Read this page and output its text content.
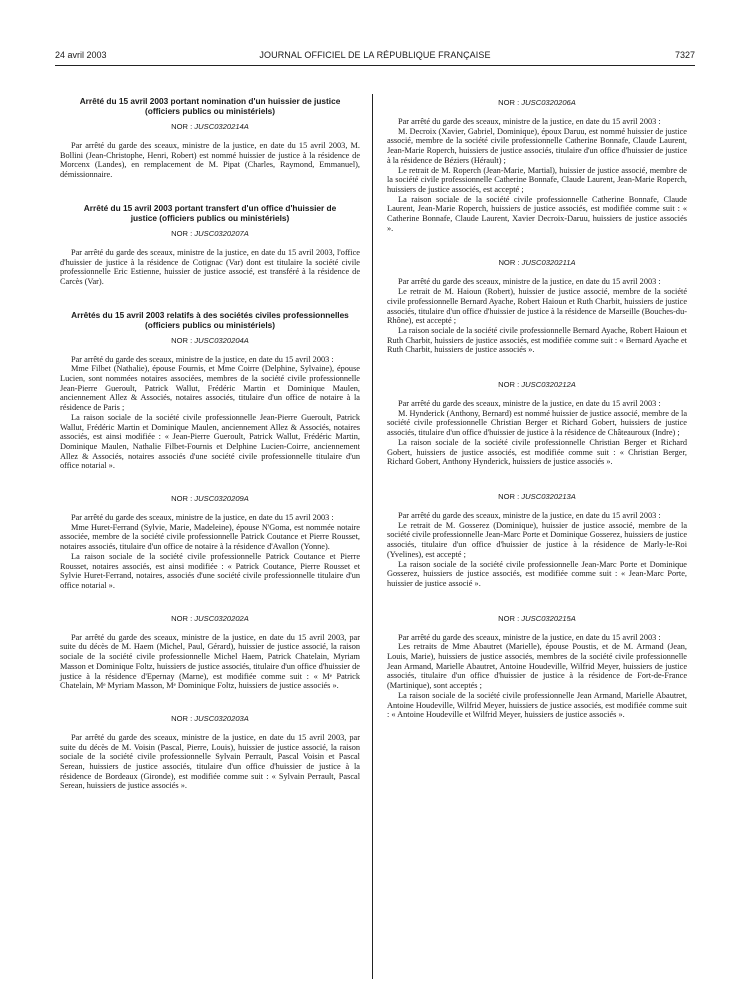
24 avril 2003	JOURNAL OFFICIEL DE LA RÉPUBLIQUE FRANÇAISE	7327
Arrêté du 15 avril 2003 portant nomination d'un huissier de justice (officiers publics ou ministériels)
NOR : JUSC0320214A

Par arrêté du garde des sceaux, ministre de la justice, en date du 15 avril 2003, M. Bollini (Jean-Christophe, Henri, Robert) est nommé huissier de justice à la résidence de Morcenx (Landes), en remplacement de M. Pipat (Charles, Raymond, Emmanuel), démissionnaire.

Arrêté du 15 avril 2003 portant transfert d'un office d'huissier de justice (officiers publics ou ministériels)
NOR : JUSC0320207A

Par arrêté du garde des sceaux, ministre de la justice, en date du 15 avril 2003, l'office d'huissier de justice à la résidence de Cotignac (Var) dont est titulaire la société civile professionnelle Eric Estienne, huissier de justice associé, est transféré à la résidence de Carcès (Var).

Arrêtés du 15 avril 2003 relatifs à des sociétés civiles professionnelles (officiers publics ou ministériels)
NOR : JUSC0320204A

Par arrêté du garde des sceaux, ministre de la justice, en date du 15 avril 2003 :

Mme Filbet (Nathalie), épouse Fournis, et Mme Coirre (Delphine, Sylvaine), épouse Lucien, sont nommées notaires associées, membres de la société civile professionnelle Jean-Pierre Gueroult, Patrick Wallut, Frédéric Martin et Dominique Maulen, anciennement Allez & Associés, notaires associés, titulaire d'un office de notaire à la résidence de Paris ;

La raison sociale de la société civile professionnelle Jean-Pierre Gueroult, Patrick Wallut, Frédéric Martin et Dominique Maulen, anciennement Allez & Associés, notaires associés, est ainsi modifiée : « Jean-Pierre Gueroult, Patrick Wallut, Frédéric Martin, Dominique Maulen, Nathalie Filbet-Fournis et Delphine Lucien-Coirre, anciennement Allez & Associés, notaires associés d'une société civile professionnelle titulaire d'un office notarial ».

NOR : JUSC0320209A

Par arrêté du garde des sceaux, ministre de la justice, en date du 15 avril 2003 :

Mme Huret-Ferrand (Sylvie, Marie, Madeleine), épouse N'Goma, est nommée notaire associée, membre de la société civile professionnelle Patrick Coutance et Pierre Rousset, notaires associés, titulaire d'un office de notaire à la résidence d'Avallon (Yonne).

La raison sociale de la société civile professionnelle Patrick Coutance et Pierre Rousset, notaires associés, est ainsi modifiée : « Patrick Coutance, Pierre Rousset et Sylvie Huret-Ferrand, notaires, associés d'une société civile professionnelle titulaire d'un office notarial ».

NOR : JUSC0320202A

Par arrêté du garde des sceaux, ministre de la justice, en date du 15 avril 2003, par suite du décès de M. Haem (Michel, Paul, Gérard), huissier de justice associé, la raison sociale de la société civile professionnelle Michel Haem, Patrick Chatelain, Myriam Masson et Dominique Foltz, huissiers de justice associés, titulaire d'un office d'huissier de justice à la résidence d'Epernay (Marne), est modifiée comme suit : « Mᵉ Patrick Chatelain, Mᵉ Myriam Masson, Mᵉ Dominique Foltz, huissiers de justice associés ».

NOR : JUSC0320203A

Par arrêté du garde des sceaux, ministre de la justice, en date du 15 avril 2003, par suite du décès de M. Voisin (Pascal, Pierre, Louis), huissier de justice associé, la raison sociale de la société civile professionnelle Sylvain Perrault, Pascal Voisin et Pascal Serean, huissiers de justice associés, titulaire d'un office d'huissier de justice à la résidence de Bordeaux (Gironde), est modifiée comme suit : « Sylvain Perrault, Pascal Serean, huissiers de justice associés ».

NOR : JUSC0320206A

Par arrêté du garde des sceaux, ministre de la justice, en date du 15 avril 2003 :

M. Decroix (Xavier, Gabriel, Dominique), époux Daruu, est nommé huissier de justice associé, membre de la société civile professionnelle Catherine Bonnafe, Claude Laurent, Jean-Marie Roperch, huissiers de justice associés, titulaire d'un office d'huissier de justice à la résidence de Béziers (Hérault) ;

Le retrait de M. Roperch (Jean-Marie, Martial), huissier de justice associé, membre de la société civile professionnelle Catherine Bonnafe, Claude Laurent, Jean-Marie Roperch, huissiers de justice associés, est accepté ;

La raison sociale de la société civile professionnelle Catherine Bonnafe, Claude Laurent, Jean-Marie Roperch, huissiers de justice associés, est modifiée comme suit : « Catherine Bonnafe, Claude Laurent, Xavier Decroix-Daruu, huissiers de justice associés ».

NOR : JUSC0320211A

Par arrêté du garde des sceaux, ministre de la justice, en date du 15 avril 2003 :

Le retrait de M. Haioun (Robert), huissier de justice associé, membre de la société civile professionnelle Bernard Ayache, Robert Haioun et Ruth Charbit, huissiers de justice associés, titulaire d'un office d'huissier de justice à la résidence de Marseille (Bouches-du-Rhône), est accepté ;

La raison sociale de la société civile professionnelle Bernard Ayache, Robert Haioun et Ruth Charbit, huissiers de justice associés, est modifiée comme suit : « Bernard Ayache et Ruth Charbit, huissiers de justice associés ».

NOR : JUSC0320212A

Par arrêté du garde des sceaux, ministre de la justice, en date du 15 avril 2003 :

M. Hynderick (Anthony, Bernard) est nommé huissier de justice associé, membre de la société civile professionnelle Christian Berger et Richard Gobert, huissiers de justice associés, titulaire d'un office d'huissier de justice à la résidence de Châteauroux (Indre) ;

La raison sociale de la société civile professionnelle Christian Berger et Richard Gobert, huissiers de justice associés, est modifiée comme suit : « Christian Berger, Richard Gobert, Anthony Hynderick, huissiers de justice associés ».

NOR : JUSC0320213A

Par arrêté du garde des sceaux, ministre de la justice, en date du 15 avril 2003 :

Le retrait de M. Gosserez (Dominique), huissier de justice associé, membre de la société civile professionnelle Jean-Marc Porte et Dominique Gosserez, huissiers de justice associés, titulaire d'un office d'huissier de justice à la résidence de Marly-le-Roi (Yvelines), est accepté ;

La raison sociale de la société civile professionnelle Jean-Marc Porte et Dominique Gosserez, huissiers de justice associés, est modifiée comme suit : « Jean-Marc Porte, huissier de justice associé ».

NOR : JUSC0320215A

Par arrêté du garde des sceaux, ministre de la justice, en date du 15 avril 2003 :

Les retraits de Mme Abautret (Marielle), épouse Poustis, et de M. Armand (Jean, Louis, Marie), huissiers de justice associés, membres de la société civile professionnelle Jean Armand, Marielle Abautret, Antoine Houdeville, Wilfrid Meyer, huissiers de justice associés, titulaire d'un office d'huissier de justice à la résidence de Fort-de-France (Martinique), sont acceptés ;

La raison sociale de la société civile professionnelle Jean Armand, Marielle Abautret, Antoine Houdeville, Wilfrid Meyer, huissiers de justice associés, est modifiée comme suit : « Antoine Houdeville et Wilfrid Meyer, huissiers de justice associés ».
